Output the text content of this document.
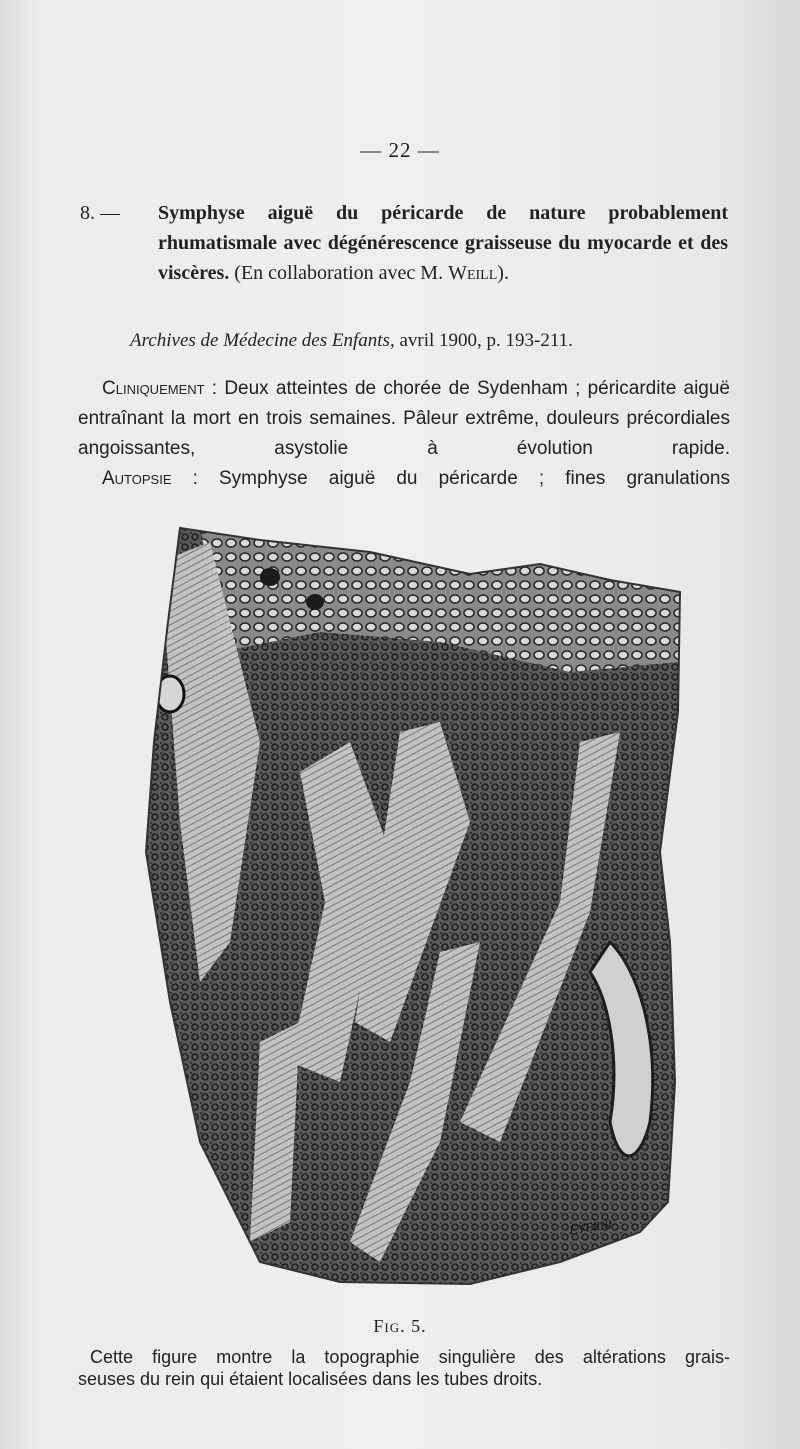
— 22 —
8. —	Symphyse aiguë du péricarde de nature probablement rhumatismale avec dégénérescence graisseuse du myocarde et des viscères. (En collaboration avec M. Weill).
Archives de Médecine des Enfants, avril 1900, p. 193-211.

Cliniquement : Deux atteintes de chorée de Sydenham ; péricardite aiguë entraînant la mort en trois semaines. Pâleur extrême, douleurs précordiales angoissantes, asystolie à évolution rapide.

Autopsie : Symphyse aiguë du péricarde ; fines granulations

F.VERNI
Fig. 5.
Cette figure montre la topographie singulière des altérations grais-
seuses du rein qui étaient localisées dans les tubes droits.
